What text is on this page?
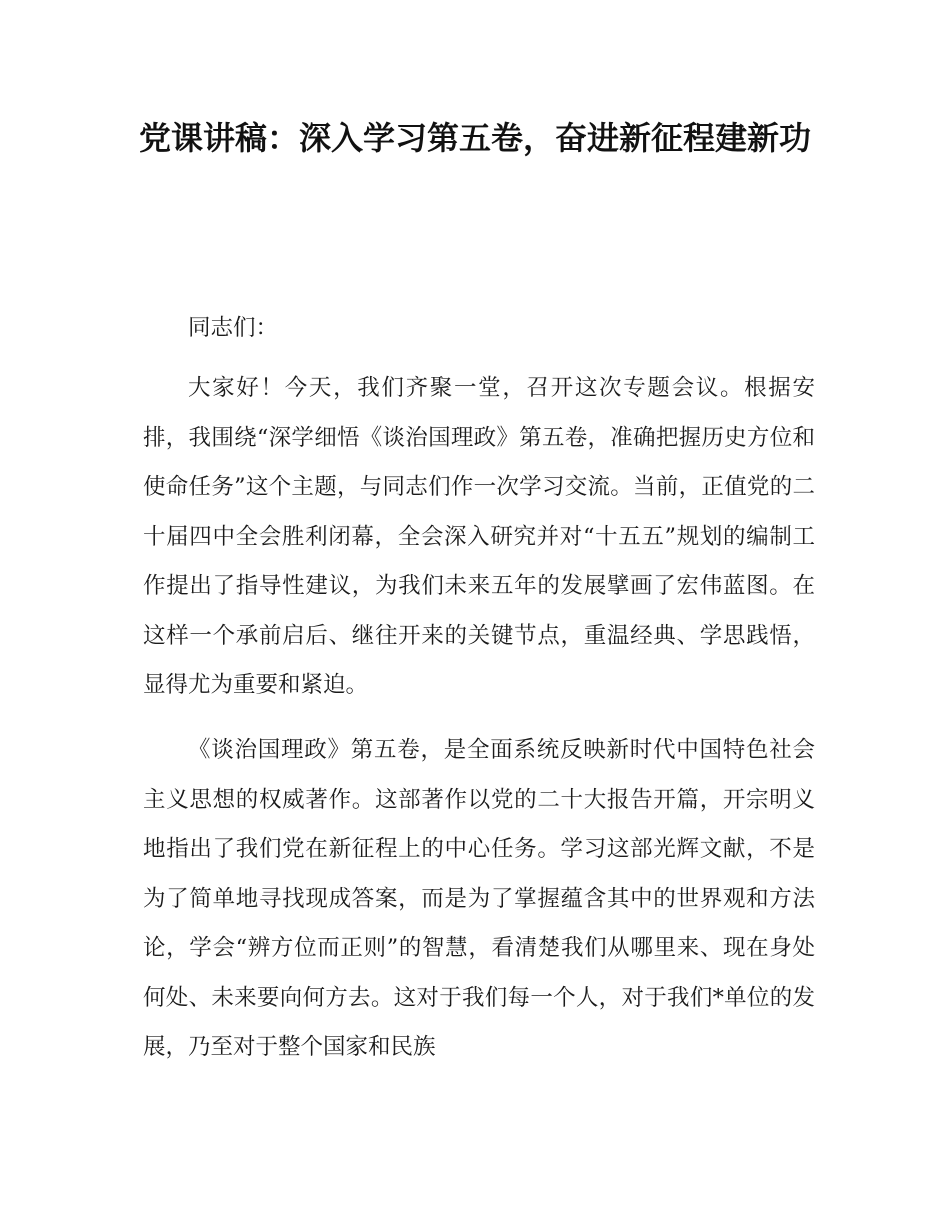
党课讲稿：深入学习第五卷，奋进新征程建新功

同志们：

大家好！今天，我们齐聚一堂，召开这次专题会议。根据安排，我围绕“深学细悟《谈治国理政》第五卷，准确把握历史方位和使命任务”这个主题，与同志们作一次学习交流。当前，正值党的二十届四中全会胜利闭幕，全会深入研究并对“十五五”规划的编制工作提出了指导性建议，为我们未来五年的发展擘画了宏伟蓝图。在这样一个承前启后、继往开来的关键节点，重温经典、学思践悟，显得尤为重要和紧迫。

《谈治国理政》第五卷，是全面系统反映新时代中国特色社会主义思想的权威著作。这部著作以党的二十大报告开篇，开宗明义地指出了我们党在新征程上的中心任务。学习这部光辉文献，不是为了简单地寻找现成答案，而是为了掌握蕴含其中的世界观和方法论，学会“辨方位而正则”的智慧，看清楚我们从哪里来、现在身处何处、未来要向何方去。这对于我们每一个人，对于我们*单位的发展，乃至对于整个国家和民族
